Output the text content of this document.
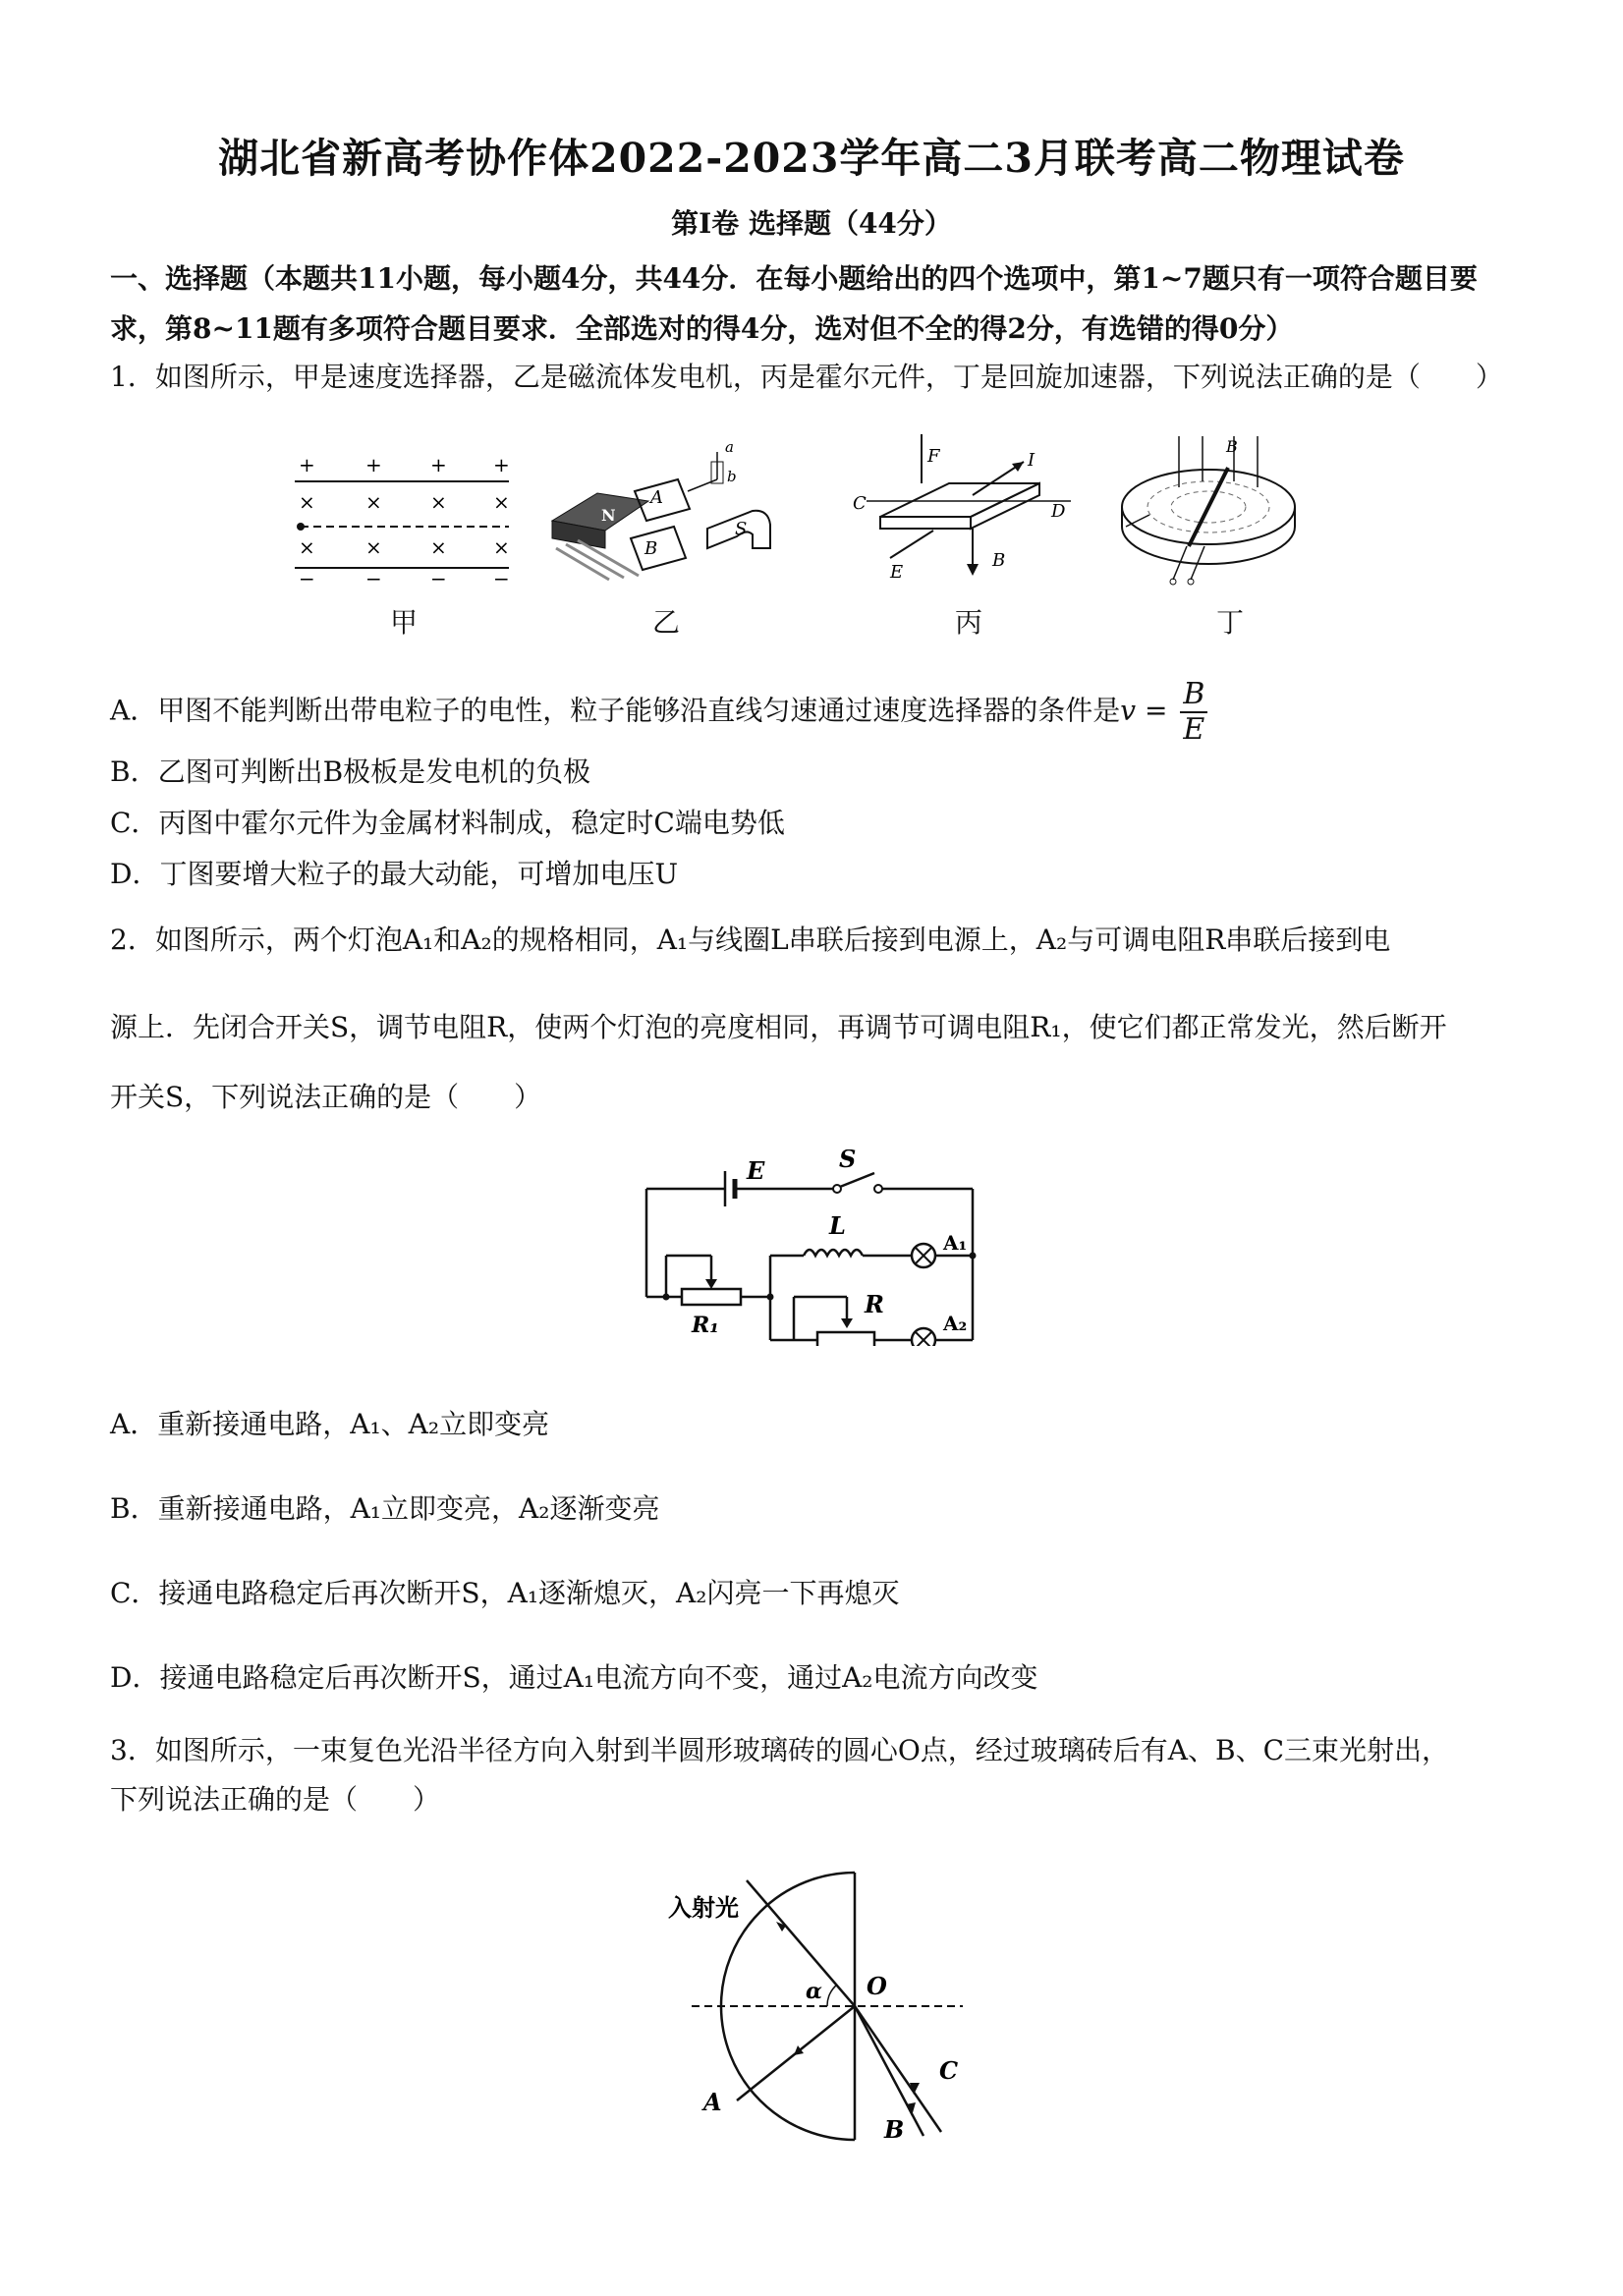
湖北省新高考协作体2022-2023学年高二3月联考高二物理试卷
第I卷 选择题（44分）
一、选择题（本题共11小题，每小题4分，共44分．在每小题给出的四个选项中，第1~7题只有一项符合题目要求，第8~11题有多项符合题目要求．全部选对的得4分，选对但不全的得2分，有选错的得0分）
1．如图所示，甲是速度选择器，乙是磁流体发电机，丙是霍尔元件，丁是回旋加速器，下列说法正确的是（　　）
+	+ + +
×	× × ×
×	× × ×
−	− − −
N
A
B
a
b
S
F	I
C	D
E
B
B
甲	乙	丙	丁
A．甲图不能判断出带电粒子的电性，粒子能够沿直线匀速通过速度选择器的条件是$v = \frac{B}{E}$
B．乙图可判断出B极板是发电机的负极
C．丙图中霍尔元件为金属材料制成，稳定时C端电势低
D．丁图要增大粒子的最大动能，可增加电压U
2．如图所示，两个灯泡A₁和A₂的规格相同，A₁与线圈L串联后接到电源上，A₂与可调电阻R串联后接到电
源上．先闭合开关S，调节电阻R，使两个灯泡的亮度相同，再调节可调电阻R₁，使它们都正常发光，然后断开
开关S，下列说法正确的是（　　）
E	S
R₁
L
A₁
R
A₂
A．重新接通电路，A₁、A₂立即变亮
B．重新接通电路，A₁立即变亮，A₂逐渐变亮
C．接通电路稳定后再次断开S，A₁逐渐熄灭，A₂闪亮一下再熄灭
D．接通电路稳定后再次断开S，通过A₁电流方向不变，通过A₂电流方向改变
3．如图所示，一束复色光沿半径方向入射到半圆形玻璃砖的圆心O点，经过玻璃砖后有A、B、C三束光射出，
下列说法正确的是（　　）
入射光
α O
A
B
C
